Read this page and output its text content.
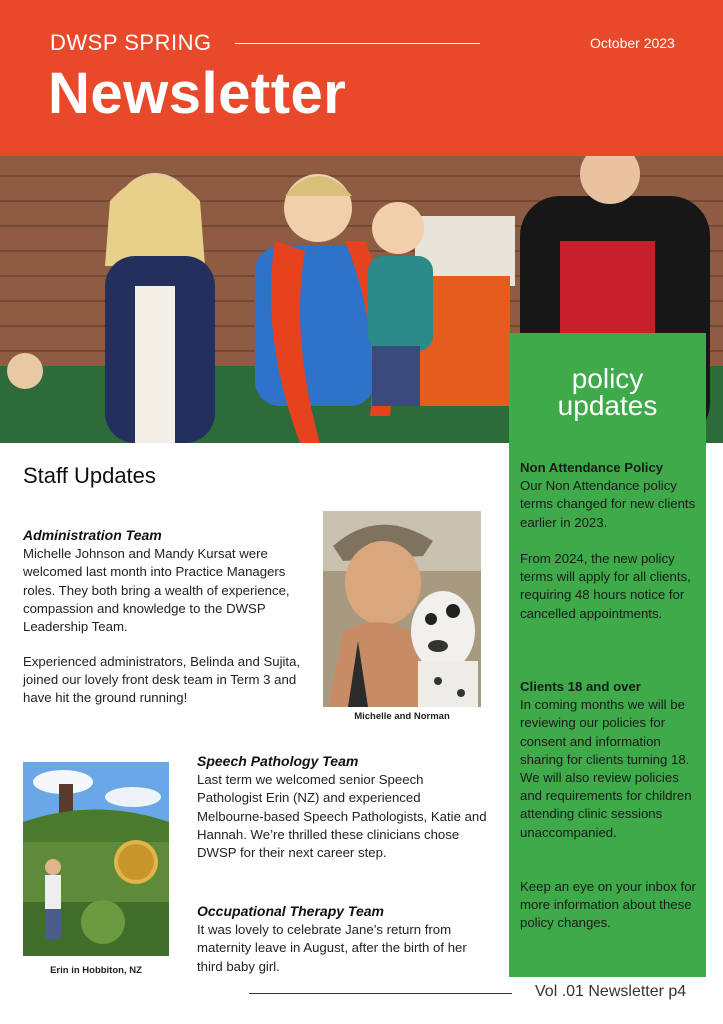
DWSP SPRING	October 2023
Newsletter
policy
updates
Non Attendance Policy
Our Non Attendance policy terms changed for new clients earlier in 2023.
From 2024, the new policy terms will apply for all clients, requiring 48 hours notice for cancelled appointments.
Clients 18 and over
In coming months we will be reviewing our policies for consent and information sharing for clients turning 18. We will also review policies and requirements for children attending clinic sessions unaccompanied.
Keep an eye on your inbox for more information about these policy changes.
Staff Updates
Administration Team
Michelle Johnson and Mandy Kursat were welcomed last month into Practice Managers roles. They both bring a wealth of experience, compassion and knowledge to the DWSP Leadership Team.
Experienced administrators, Belinda and Sujita, joined our lovely front desk team in Term 3 and have hit the ground running!
Michelle and Norman
Speech Pathology Team
Last term we welcomed senior Speech Pathologist Erin (NZ) and experienced Melbourne-based Speech Pathologists, Katie and Hannah. We’re thrilled these clinicians chose DWSP for their next career step.
Erin in Hobbiton, NZ
Occupational Therapy Team
It was lovely to celebrate Jane’s return from maternity leave in August, after the birth of her third baby girl.
Vol .01 Newsletter p4
